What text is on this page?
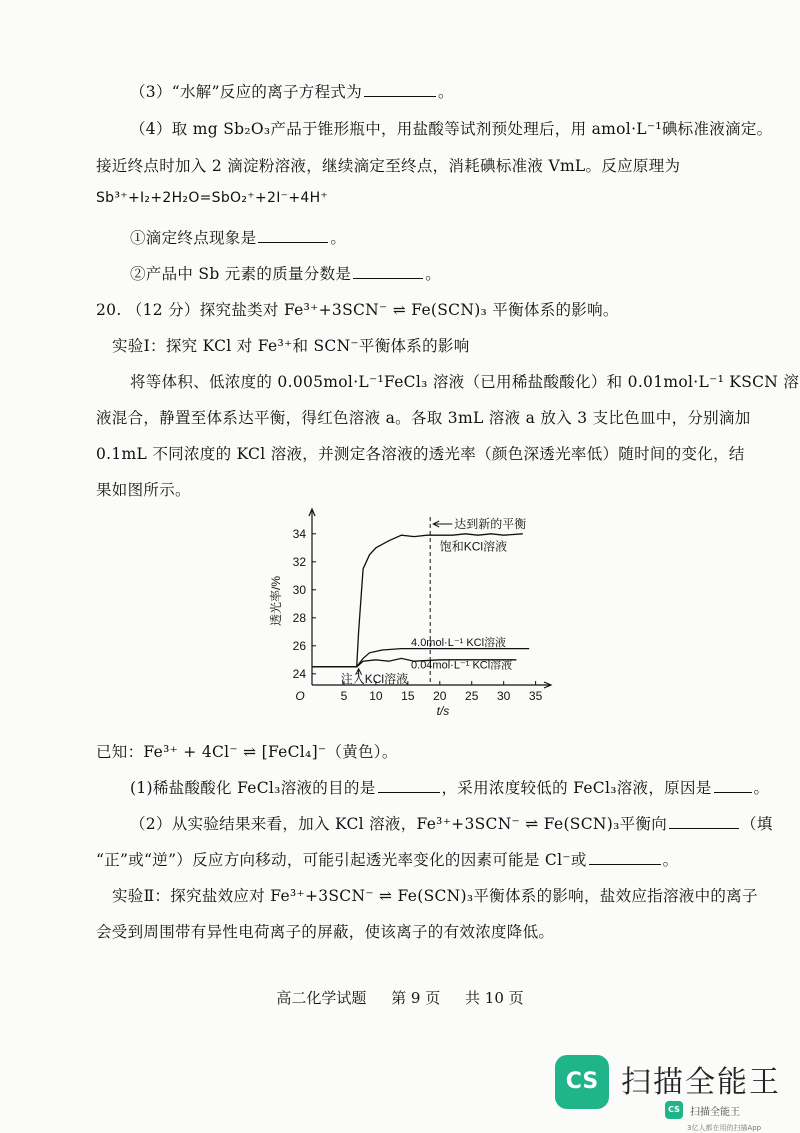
（3）“水解”反应的离子方程式为	。
（4）取 mg Sb₂O₃产品于锥形瓶中，用盐酸等试剂预处理后，用 amol·L⁻¹碘标准液滴定。
接近终点时加入 2 滴淀粉溶液，继续滴定至终点，消耗碘标准液 VmL。反应原理为
Sb³⁺+I₂+2H₂O=SbO₂⁺+2I⁻+4H⁺
①滴定终点现象是	。
②产品中 Sb 元素的质量分数是	。
20. （12 分）探究盐类对 Fe³⁺+3SCN⁻ ⇌ Fe(SCN)₃ 平衡体系的影响。
实验Ⅰ：探究 KCl 对 Fe³⁺和 SCN⁻平衡体系的影响
将等体积、低浓度的 0.005mol·L⁻¹FeCl₃ 溶液（已用稀盐酸酸化）和 0.01mol·L⁻¹ KSCN 溶
液混合，静置至体系达平衡，得红色溶液 a。各取 3mL 溶液 a 放入 3 支比色皿中，分别滴加
0.1mL 不同浓度的 KCl 溶液，并测定各溶液的透光率（颜色深透光率低）随时间的变化，结
果如图所示。
24
26
28
30
32
34
5 10 15 20 25 30 35
O
t/s
透光率/%
饱和KCl溶液
4.0mol·L⁻¹ KCl溶液
0.04mol·L⁻¹ KCl溶液
达到新的平衡
注入KCl溶液
已知：Fe³⁺ + 4Cl⁻ ⇌ [FeCl₄]⁻（黄色）。
(1)稀盐酸酸化 FeCl₃溶液的目的是	，采用浓度较低的 FeCl₃溶液，原因是	。
（2）从实验结果来看，加入 KCl 溶液，Fe³⁺+3SCN⁻ ⇌ Fe(SCN)₃平衡向	（填
“正”或“逆”）反应方向移动，可能引起透光率变化的因素可能是 Cl⁻或	。
实验Ⅱ：探究盐效应对 Fe³⁺+3SCN⁻ ⇌ Fe(SCN)₃平衡体系的影响，盐效应指溶液中的离子
会受到周围带有异性电荷离子的屏蔽，使该离子的有效浓度降低。
高二化学试题 第 9 页 共 10 页
CS 扫描全能王
CS	扫描全能王
3亿人都在用的扫描App
